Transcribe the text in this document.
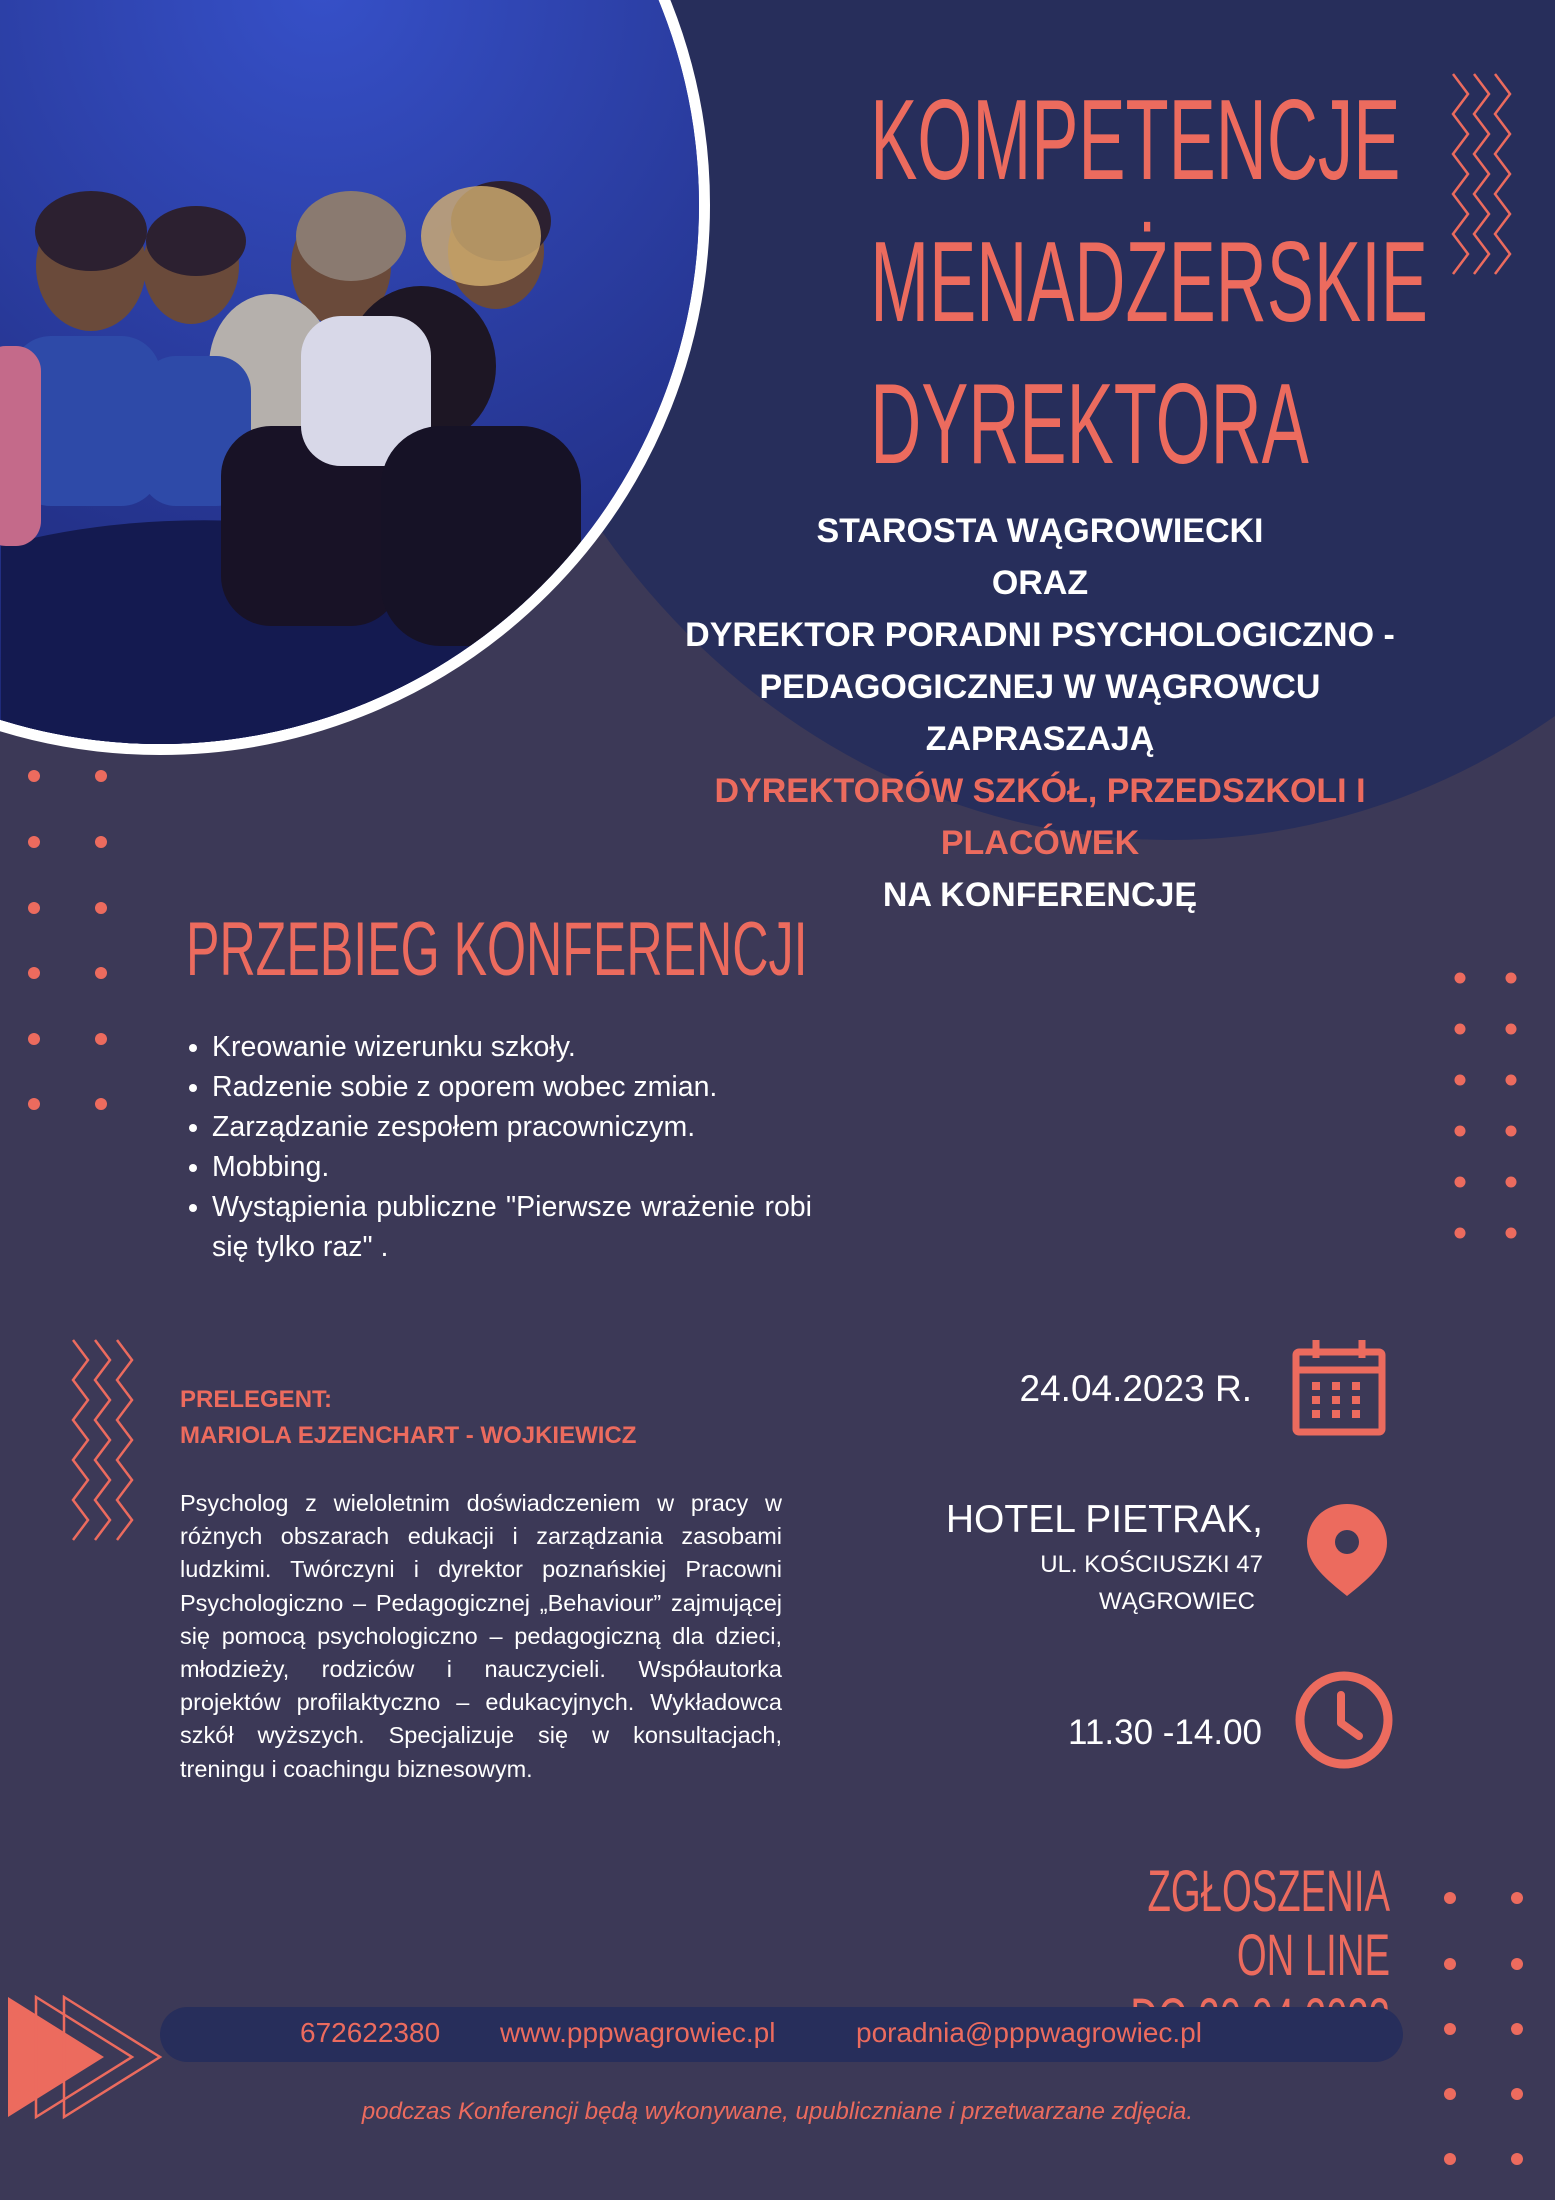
KOMPETENCJE
MENADŻERSKIE
DYREKTORA
STAROSTA WĄGROWIECKI
ORAZ
DYREKTOR PORADNI PSYCHOLOGICZNO -
PEDAGOGICZNEJ W WĄGROWCU
ZAPRASZAJĄ
DYREKTORÓW SZKÓŁ, PRZEDSZKOLI I
PLACÓWEK
NA KONFERENCJĘ
PRZEBIEG KONFERENCJI
• Kreowanie wizerunku szkoły.
• Radzenie sobie z oporem wobec zmian.
• Zarządzanie zespołem pracowniczym.
• Mobbing.
• Wystąpienia publiczne "Pierwsze wrażenie robi się tylko raz" .
PRELEGENT:
MARIOLA EJZENCHART - WOJKIEWICZ
Psycholog z wieloletnim doświadczeniem w pracy w różnych obszarach edukacji i zarządzania zasobami ludzkimi. Twórczyni i dyrektor poznańskiej Pracowni Psychologiczno – Pedagogicznej „Behaviour” zajmującej się pomocą psychologiczno – pedagogiczną dla dzieci, młodzieży, rodziców i nauczycieli. Współautorka projektów profilaktyczno – edukacyjnych. Wykładowca szkół wyższych. Specjalizuje się w konsultacjach, treningu i coachingu biznesowym.
24.04.2023 R.
HOTEL PIETRAK,
UL. KOŚCIUSZKI 47
WĄGROWIEC
11.30 -14.00
ZGŁOSZENIA ON LINE
672622380 www.pppwagrowiec.pl	poradnia@pppwagrowiec.pl
podczas Konferencji będą wykonywane, upubliczniane i przetwarzane zdjęcia.
